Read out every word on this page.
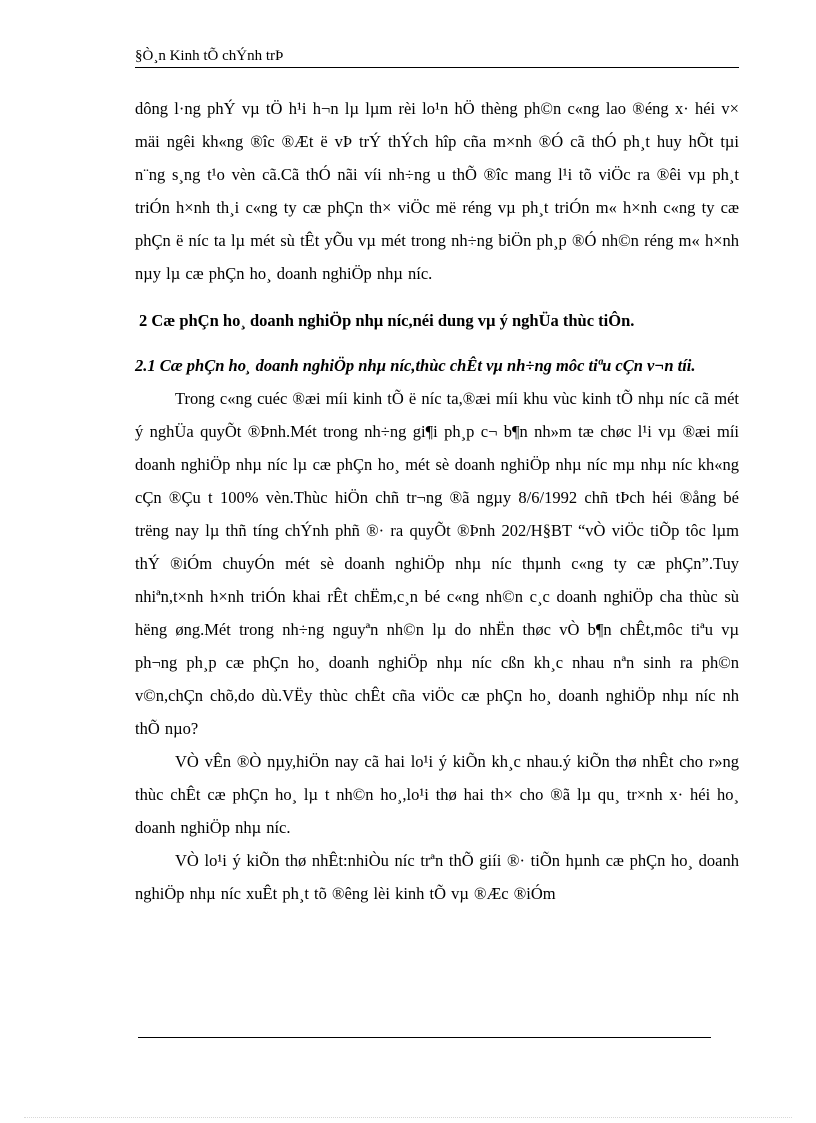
§Ò¸n Kinh tÕ chÝnh trÞ

dông l·ng phÝ vµ tÖ h¹i h¬n lµ lµm rèi lo¹n hÖ thèng ph©n c«ng lao ®éng x· héi v× mäi ngêi kh«ng ®îc ®Æt ë vÞ trÝ thÝch hîp cña m×nh ®Ó cã thÓ ph¸t huy hÕt tµi n¨ng s¸ng t¹o vèn cã.Cã thÓ nãi víi nh÷ng u thÕ ®îc mang l¹i tõ viÖc ra ®êi vµ ph¸t triÓn h×nh th¸i c«ng ty cæ phÇn th× viÖc më réng vµ ph¸t triÓn m« h×nh c«ng ty cæ phÇn ë níc ta lµ mét sù tÊt yÕu vµ mét trong nh÷ng biÖn ph¸p ®Ó nh©n réng m« h×nh nµy lµ cæ phÇn ho¸ doanh nghiÖp nhµ níc.

2 Cæ phÇn ho¸ doanh nghiÖp nhµ níc,néi dung vµ ý nghÜa thùc tiÔn.
2.1 Cæ phÇn ho¸ doanh nghiÖp nhµ níc,thùc chÊt vµ nh÷ng môc tiªu cÇn v¬n tíi.

Trong c«ng cuéc ®æi míi kinh tÕ ë níc ta,®æi míi khu vùc kinh tÕ nhµ níc cã mét ý nghÜa quyÕt ®Þnh.Mét trong nh÷ng gi¶i ph¸p c¬ b¶n nh»m tæ chøc l¹i vµ ®æi míi doanh nghiÖp nhµ níc lµ cæ phÇn ho¸ mét sè doanh nghiÖp nhµ níc mµ nhµ níc kh«ng cÇn ®Çu t 100% vèn.Thùc hiÖn chñ tr¬ng ®ã ngµy 8/6/1992 chñ tÞch héi ®ång bé trëng nay lµ thñ tíng chÝnh phñ ®· ra quyÕt ®Þnh 202/H§BT “vÒ viÖc tiÕp tôc lµm thÝ ®iÓm chuyÓn mét sè doanh nghiÖp nhµ níc thµnh c«ng ty cæ phÇn”.Tuy nhiªn,t×nh h×nh triÓn khai rÊt chËm,c¸n bé c«ng nh©n c¸c doanh nghiÖp cha thùc sù hëng øng.Mét trong nh÷ng nguyªn nh©n lµ do nhËn thøc vÒ b¶n chÊt,môc tiªu vµ ph¬ng ph¸p cæ phÇn ho¸ doanh nghiÖp nhµ níc cßn kh¸c nhau nªn sinh ra ph©n v©n,chÇn chõ,do dù.VËy thùc chÊt cña viÖc cæ phÇn ho¸ doanh nghiÖp nhµ níc nh thÕ nµo?

VÒ vÊn ®Ò nµy,hiÖn nay cã hai lo¹i ý kiÕn kh¸c nhau.ý kiÕn thø nhÊt cho r»ng thùc chÊt cæ phÇn ho¸ lµ t nh©n ho¸,lo¹i thø hai th× cho ®ã lµ qu¸ tr×nh x· héi ho¸ doanh nghiÖp nhµ níc.

VÒ lo¹i ý kiÕn thø nhÊt:nhiÒu níc trªn thÕ giíi ®· tiÕn hµnh cæ phÇn ho¸ doanh nghiÖp nhµ níc xuÊt ph¸t tõ ®êng lèi kinh tÕ vµ ®Æc ®iÓm
